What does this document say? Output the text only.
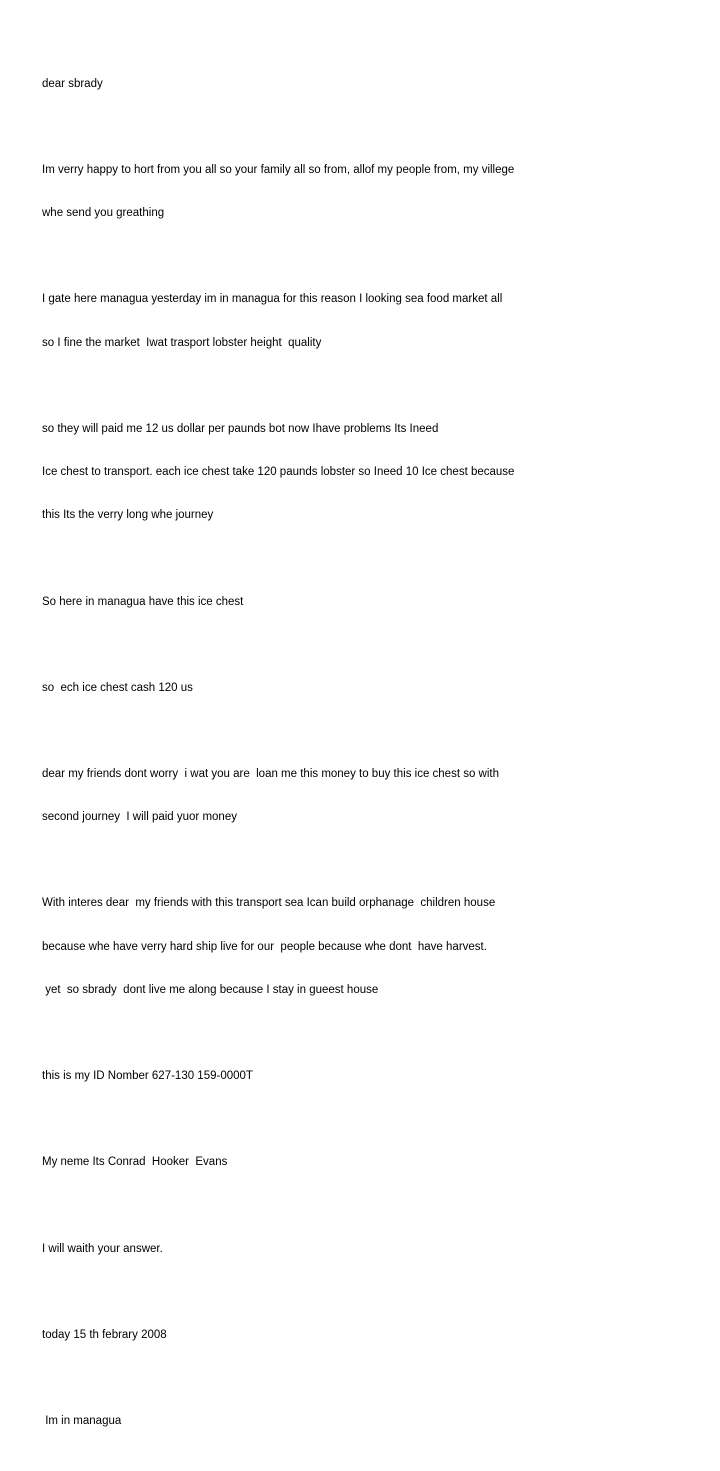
dear sbrady

Im verry happy to hort from you all so your family all so from, allof my people from, my villege

whe send you greathing

I gate here managua yesterday im in managua for this reason I looking sea food market all

so I fine the market  Iwat trasport lobster height  quality

so they will paid me 12 us dollar per paunds bot now Ihave problems Its Ineed

Ice chest to transport. each ice chest take 120 paunds lobster so Ineed 10 Ice chest because

this Its the verry long whe journey

So here in managua have this ice chest

so  ech ice chest cash 120 us

dear my friends dont worry  i wat you are  loan me this money to buy this ice chest so with

second journey  I will paid yuor money

With interes dear  my friends with this transport sea Ican build orphanage  children house

because whe have verry hard ship live for our  people because whe dont  have harvest.

yet  so sbrady  dont live me along because I stay in gueest house

this is my ID Nomber 627-130 159-0000T

My neme Its Conrad  Hooker  Evans

I will waith your answer.

today 15 th febrary 2008

Im in managua
